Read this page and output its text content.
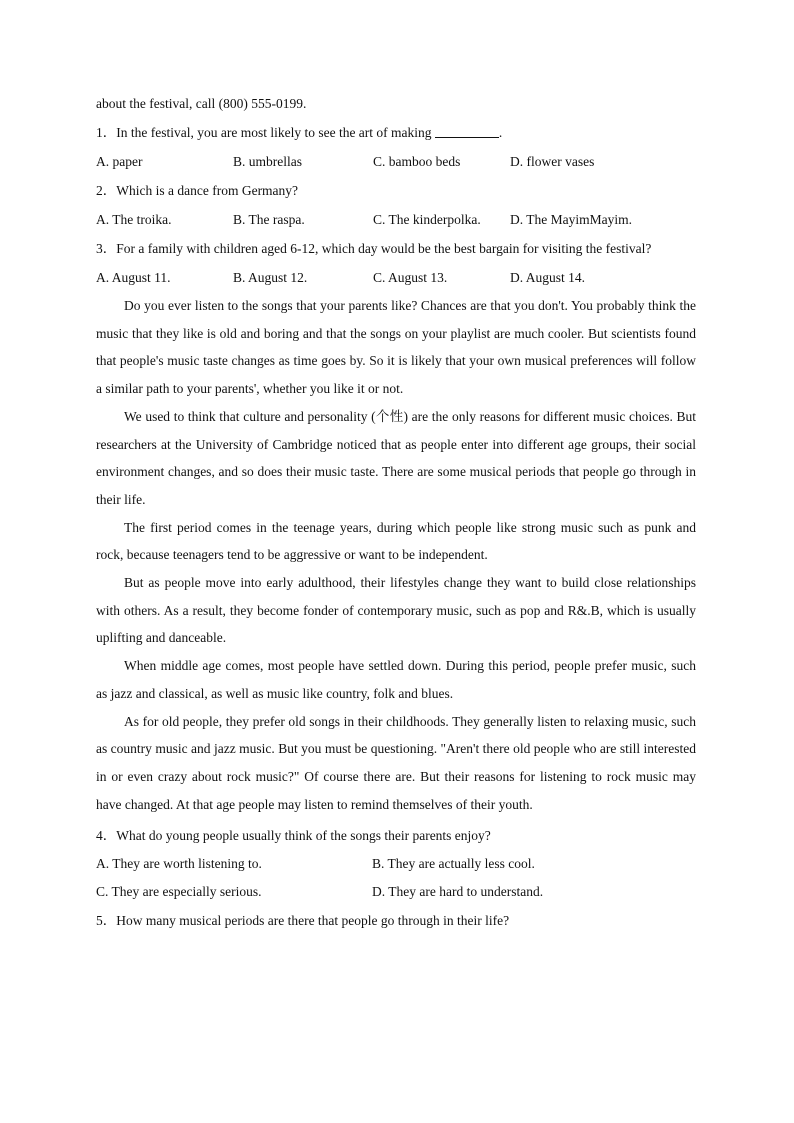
about the festival, call (800) 555-0199.
1．In the festival, you are most likely to see the art of making	.
A. paper	B. umbrellas	C. bamboo beds	D. flower vases
2．Which is a dance from Germany?
A. The troika.	B. The raspa.	C. The kinderpolka. D. The MayimMayim.
3．For a family with children aged 6-12, which day would be the best bargain for visiting the festival?
A. August 11.	B. August 12.	C. August 13.	D. August 14.

Do you ever listen to the songs that your parents like? Chances are that you don't. You probably think the music that they like is old and boring and that the songs on your playlist are much cooler. But scientists found that people's music taste changes as time goes by. So it is likely that your own musical preferences will follow a similar path to your parents', whether you like it or not.

We used to think that culture and personality (个性) are the only reasons for different music choices. But researchers at the University of Cambridge noticed that as people enter into different age groups, their social environment changes, and so does their music taste. There are some musical periods that people go through in their life.

The first period comes in the teenage years, during which people like strong music such as punk and rock, because teenagers tend to be aggressive or want to be independent.

But as people move into early adulthood, their lifestyles change they want to build close relationships with others. As a result, they become fonder of contemporary music, such as pop and R&.B, which is usually uplifting and danceable.

When middle age comes, most people have settled down. During this period, people prefer music, such as jazz and classical, as well as music like country, folk and blues.

As for old people, they prefer old songs in their childhoods. They generally listen to relaxing music, such as country music and jazz music. But you must be questioning. "Aren't there old people who are still interested in or even crazy about rock music?" Of course there are. But their reasons for listening to rock music may have changed. At that age people may listen to remind themselves of their youth.

4．What do young people usually think of the songs their parents enjoy?
A. They are worth listening to.	B. They are actually less cool.
C. They are especially serious.	D. They are hard to understand.
5．How many musical periods are there that people go through in their life?
